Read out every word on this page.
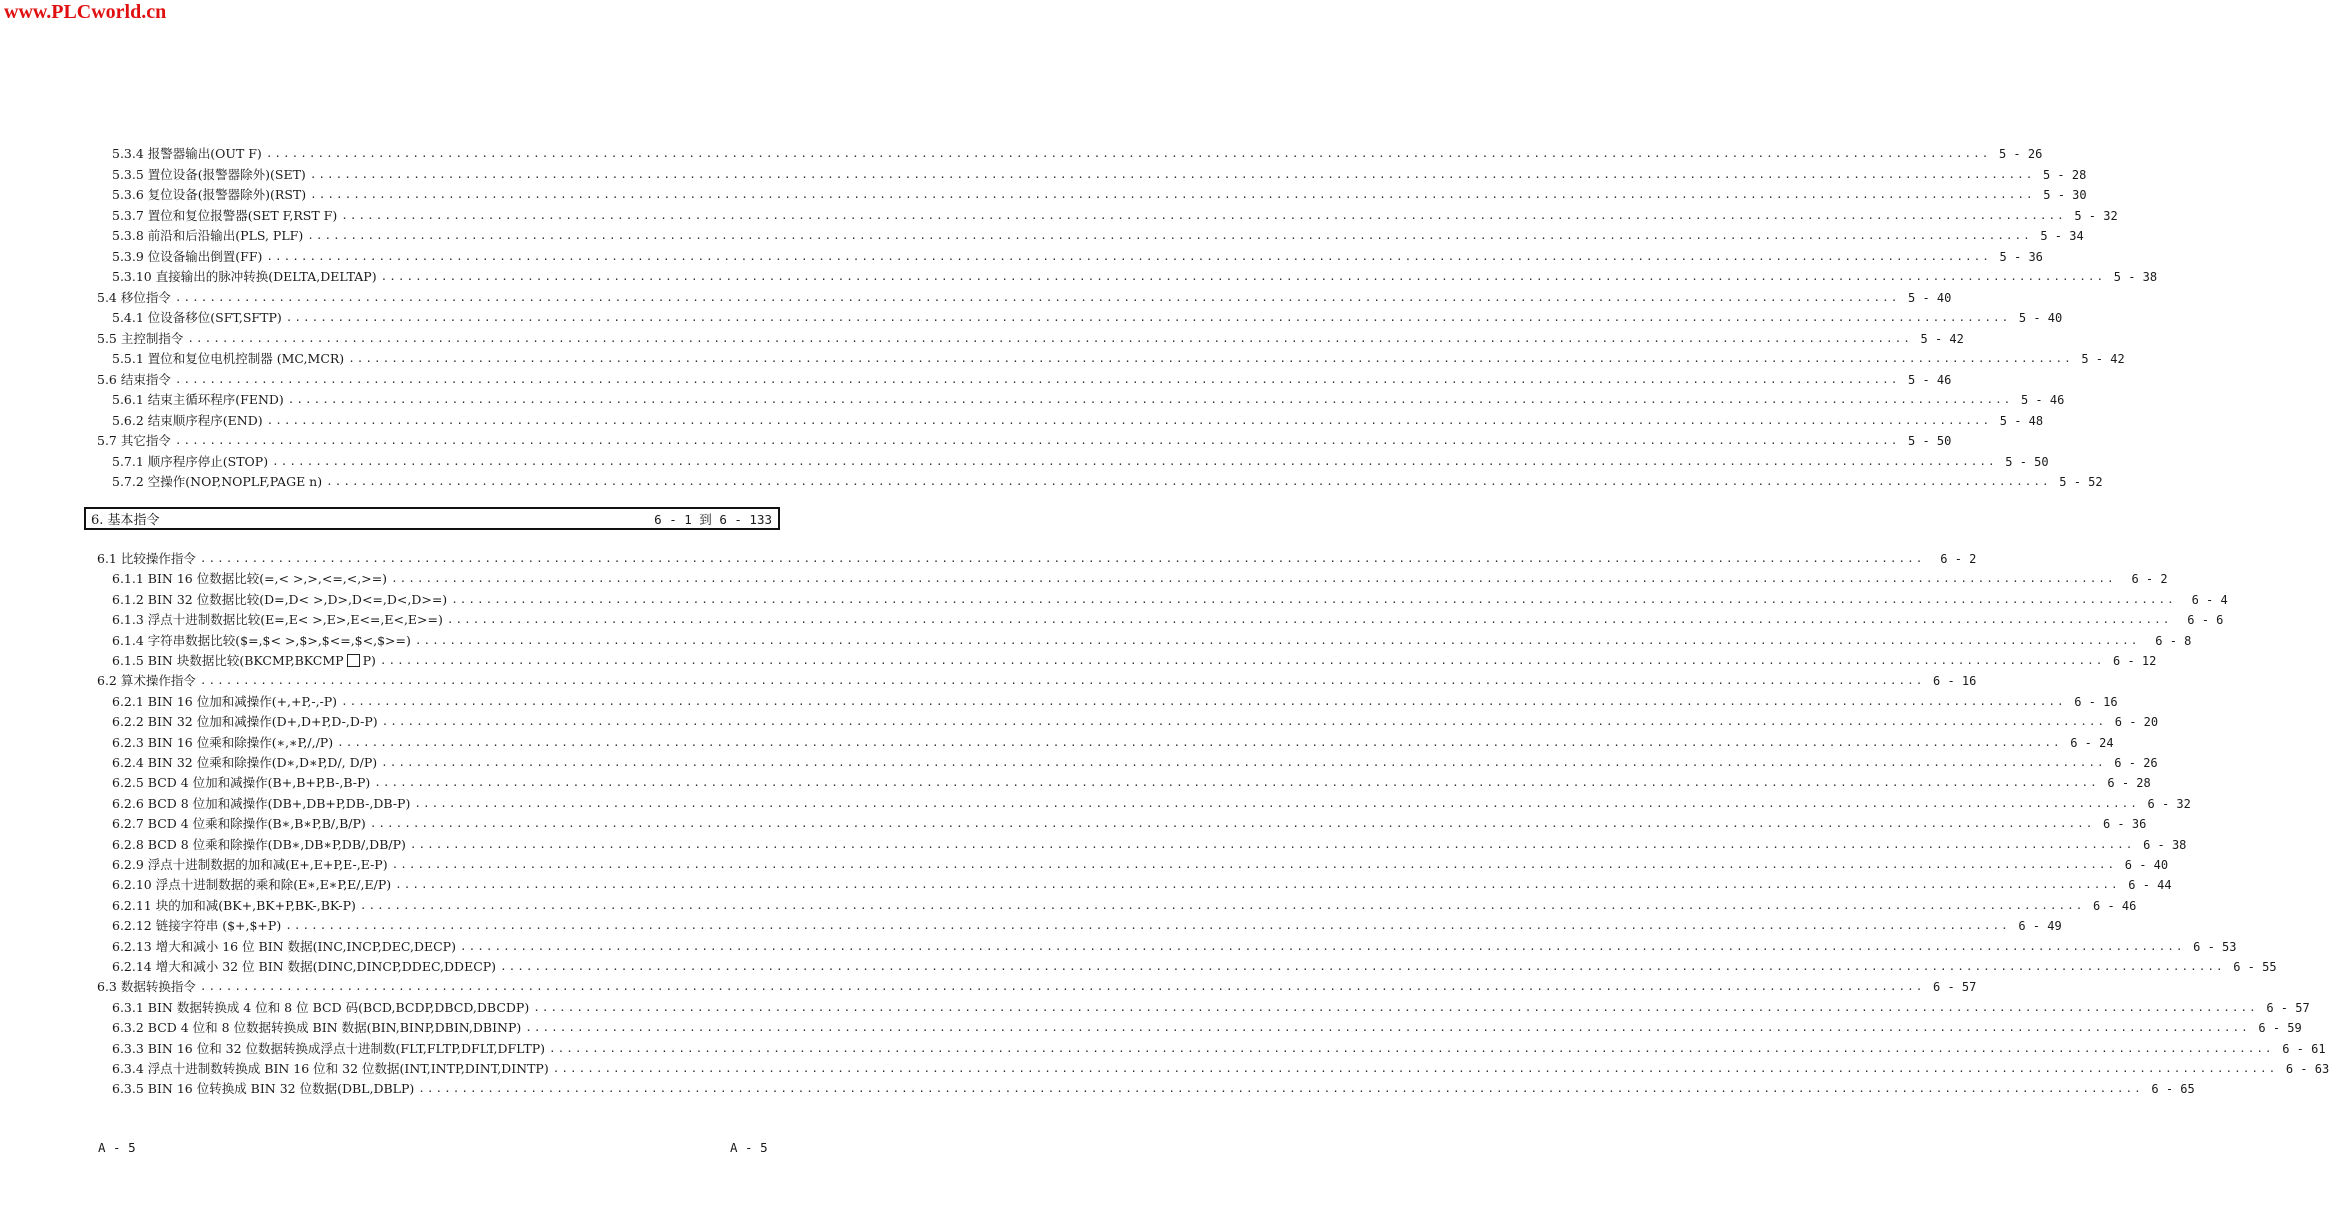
www.PLCworld.cn
5.3.4 报警器输出(OUT F) ........................................................................................................................................................................................................ 5 - 26
5.3.5 置位设备(报警器除外)(SET) ........................................................................................................................................................................................................ 5 - 28
5.3.6 复位设备(报警器除外)(RST) ........................................................................................................................................................................................................ 5 - 30
5.3.7 置位和复位报警器(SET F,RST F) ........................................................................................................................................................................................................ 5 - 32
5.3.8 前沿和后沿输出(PLS, PLF) ........................................................................................................................................................................................................ 5 - 34
5.3.9 位设备输出倒置(FF) ........................................................................................................................................................................................................ 5 - 36
5.3.10 直接输出的脉冲转换(DELTA,DELTAP) ........................................................................................................................................................................................................ 5 - 38
5.4 移位指令 ........................................................................................................................................................................................................ 5 - 40
5.4.1 位设备移位(SFT,SFTP) ........................................................................................................................................................................................................ 5 - 40
5.5 主控制指令 ........................................................................................................................................................................................................ 5 - 42
5.5.1 置位和复位电机控制器 (MC,MCR) ........................................................................................................................................................................................................ 5 - 42
5.6 结束指令 ........................................................................................................................................................................................................ 5 - 46
5.6.1 结束主循环程序(FEND) ........................................................................................................................................................................................................ 5 - 46
5.6.2 结束顺序程序(END) ........................................................................................................................................................................................................ 5 - 48
5.7 其它指令 ........................................................................................................................................................................................................ 5 - 50
5.7.1 顺序程序停止(STOP) ........................................................................................................................................................................................................ 5 - 50
5.7.2 空操作(NOP,NOPLF,PAGE n) ........................................................................................................................................................................................................ 5 - 52
6. 基本指令	6 - 1 到 6 - 133
6.1 比较操作指令 ........................................................................................................................................................................................................	6 - 2
6.1.1 BIN 16 位数据比较(=,< >,>,<=,<,>=) ........................................................................................................................................................................................................	6 - 2
6.1.2 BIN 32 位数据比较(D=,D< >,D>,D<=,D<,D>=) ........................................................................................................................................................................................................	6 - 4
6.1.3 浮点十进制数据比较(E=,E< >,E>,E<=,E<,E>=) ........................................................................................................................................................................................................	6 - 6
6.1.4 字符串数据比较($=,$< >,$>,$<=,$<,$>=) ........................................................................................................................................................................................................	6 - 8
6.1.5 BIN 块数据比较(BKCMP,BKCMP P) ........................................................................................................................................................................................................ 6 - 12
6.2 算术操作指令 ........................................................................................................................................................................................................ 6 - 16
6.2.1 BIN 16 位加和减操作(+,+P,-,-P) ........................................................................................................................................................................................................ 6 - 16
6.2.2 BIN 32 位加和减操作(D+,D+P,D-,D-P) ........................................................................................................................................................................................................ 6 - 20
6.2.3 BIN 16 位乘和除操作(∗,∗P,/,/P) ........................................................................................................................................................................................................ 6 - 24
6.2.4 BIN 32 位乘和除操作(D∗,D∗P,D/, D/P) ........................................................................................................................................................................................................ 6 - 26
6.2.5 BCD 4 位加和减操作(B+,B+P,B-,B-P) ........................................................................................................................................................................................................ 6 - 28
6.2.6 BCD 8 位加和减操作(DB+,DB+P,DB-,DB-P) ........................................................................................................................................................................................................ 6 - 32
6.2.7 BCD 4 位乘和除操作(B∗,B∗P,B/,B/P) ........................................................................................................................................................................................................ 6 - 36
6.2.8 BCD 8 位乘和除操作(DB∗,DB∗P,DB/,DB/P) ........................................................................................................................................................................................................ 6 - 38
6.2.9 浮点十进制数据的加和减(E+,E+P,E-,E-P) ........................................................................................................................................................................................................ 6 - 40
6.2.10 浮点十进制数据的乘和除(E∗,E∗P,E/,E/P) ........................................................................................................................................................................................................ 6 - 44
6.2.11 块的加和减(BK+,BK+P,BK-,BK-P) ........................................................................................................................................................................................................ 6 - 46
6.2.12 链接字符串 ($+,$+P) ........................................................................................................................................................................................................ 6 - 49
6.2.13 增大和减小 16 位 BIN 数据(INC,INCP,DEC,DECP) ........................................................................................................................................................................................................ 6 - 53
6.2.14 增大和减小 32 位 BIN 数据(DINC,DINCP,DDEC,DDECP) ........................................................................................................................................................................................................ 6 - 55
6.3 数据转换指令 ........................................................................................................................................................................................................ 6 - 57
6.3.1 BIN 数据转换成 4 位和 8 位 BCD 码(BCD,BCDP,DBCD,DBCDP) ........................................................................................................................................................................................................ 6 - 57
6.3.2 BCD 4 位和 8 位数据转换成 BIN 数据(BIN,BINP,DBIN,DBINP) ........................................................................................................................................................................................................ 6 - 59
6.3.3 BIN 16 位和 32 位数据转换成浮点十进制数(FLT,FLTP,DFLT,DFLTP) ........................................................................................................................................................................................................ 6 - 61
6.3.4 浮点十进制数转换成 BIN 16 位和 32 位数据(INT,INTP,DINT,DINTP) ........................................................................................................................................................................................................ 6 - 63
6.3.5 BIN 16 位转换成 BIN 32 位数据(DBL,DBLP) ........................................................................................................................................................................................................ 6 - 65
A - 5	A - 5
